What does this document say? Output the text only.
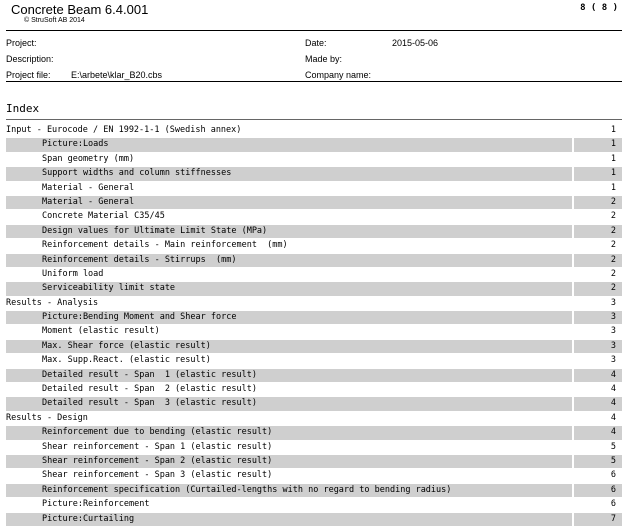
Concrete Beam 6.4.001
© StruSoft AB 2014
8 ( 8 )
Project:
Description:
Project file: E:\arbete\klar_B20.cbs
Date:	2015-05-06
Made by:
Company name:
Index
Input - Eurocode / EN 1992-1-1 (Swedish annex)	1
Picture:Loads	1
Span geometry (mm)	1
Support widths and column stiffnesses	1
Material - General	1
Material - General	2
Concrete Material C35/45	2
Design values for Ultimate Limit State (MPa)	2
Reinforcement details - Main reinforcement  (mm)	2
Reinforcement details - Stirrups  (mm)	2
Uniform load	2
Serviceability limit state	2
Results - Analysis	3
Picture:Bending Moment and Shear force	3
Moment (elastic result)	3
Max. Shear force (elastic result)	3
Max. Supp.React. (elastic result)	3
Detailed result - Span  1 (elastic result)	4
Detailed result - Span  2 (elastic result)	4
Detailed result - Span  3 (elastic result)	4
Results - Design	4
Reinforcement due to bending (elastic result)	4
Shear reinforcement - Span 1 (elastic result)	5
Shear reinforcement - Span 2 (elastic result)	5
Shear reinforcement - Span 3 (elastic result)	6
Reinforcement specification (Curtailed-lengths with no regard to bending radius)	6
Picture:Reinforcement	6
Picture:Curtailing	7
